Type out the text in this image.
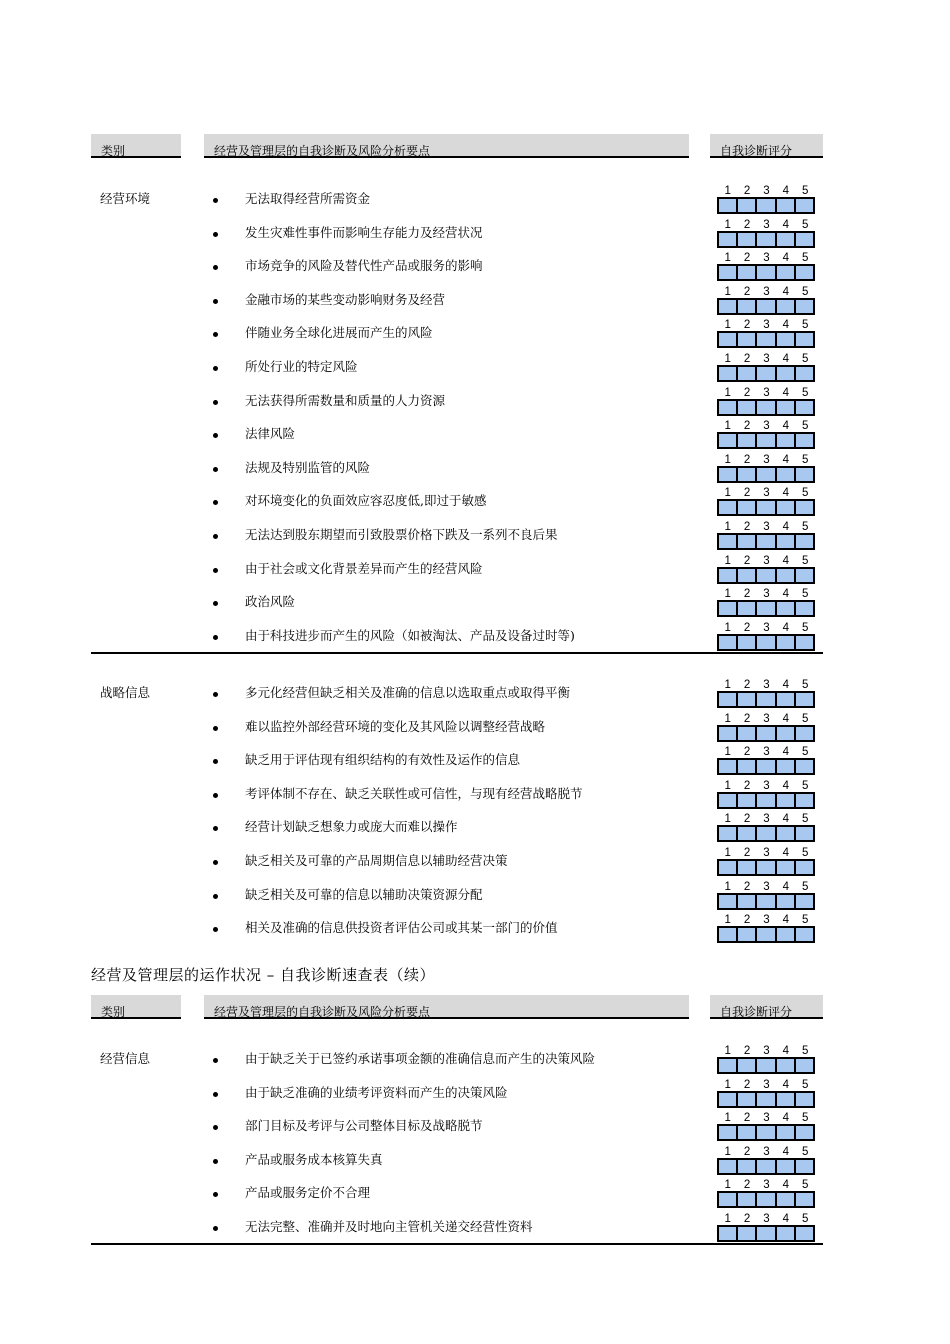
类别	经营及管理层的自我诊断及风险分析要点	自我诊断评分
类别	经营及管理层的自我诊断及风险分析要点	自我诊断评分
经营及管理层的运作状况 – 自我诊断速查表（续）
经营环境	无法取得经营所需资金	1 2 3 4 5
发生灾难性事件而影响生存能力及经营状况	1 2 3 4 5
市场竞争的风险及替代性产品或服务的影响	1 2 3 4 5
金融市场的某些变动影响财务及经营	1 2 3 4 5
伴随业务全球化进展而产生的风险	1 2 3 4 5
所处行业的特定风险	1 2 3 4 5
无法获得所需数量和质量的人力资源	1 2 3 4 5
法律风险	1 2 3 4 5
法规及特别监管的风险	1 2 3 4 5
对环境变化的负面效应容忍度低,即过于敏感	1 2 3 4 5
无法达到股东期望而引致股票价格下跌及一系列不良后果	1 2 3 4 5
由于社会或文化背景差异而产生的经营风险	1 2 3 4 5
政治风险	1 2 3 4 5
由于科技进步而产生的风险（如被淘汰、产品及设备过时等)	1 2 3 4 5
战略信息	多元化经营但缺乏相关及准确的信息以选取重点或取得平衡	1 2 3 4 5
难以监控外部经营环境的变化及其风险以调整经营战略	1 2 3 4 5
缺乏用于评估现有组织结构的有效性及运作的信息	1 2 3 4 5
考评体制不存在、缺乏关联性或可信性，与现有经营战略脱节	1 2 3 4 5
经营计划缺乏想象力或庞大而难以操作	1 2 3 4 5
缺乏相关及可靠的产品周期信息以辅助经营决策	1 2 3 4 5
缺乏相关及可靠的信息以辅助决策资源分配	1 2 3 4 5
相关及准确的信息供投资者评估公司或其某一部门的价值	1 2 3 4 5
经营信息	由于缺乏关于已签约承诺事项金额的准确信息而产生的决策风险	1 2 3 4 5
由于缺乏准确的业绩考评资料而产生的决策风险	1 2 3 4 5
部门目标及考评与公司整体目标及战略脱节	1 2 3 4 5
产品或服务成本核算失真	1 2 3 4 5
产品或服务定价不合理	1 2 3 4 5
无法完整、准确并及时地向主管机关递交经营性资料	1 2 3 4 5
